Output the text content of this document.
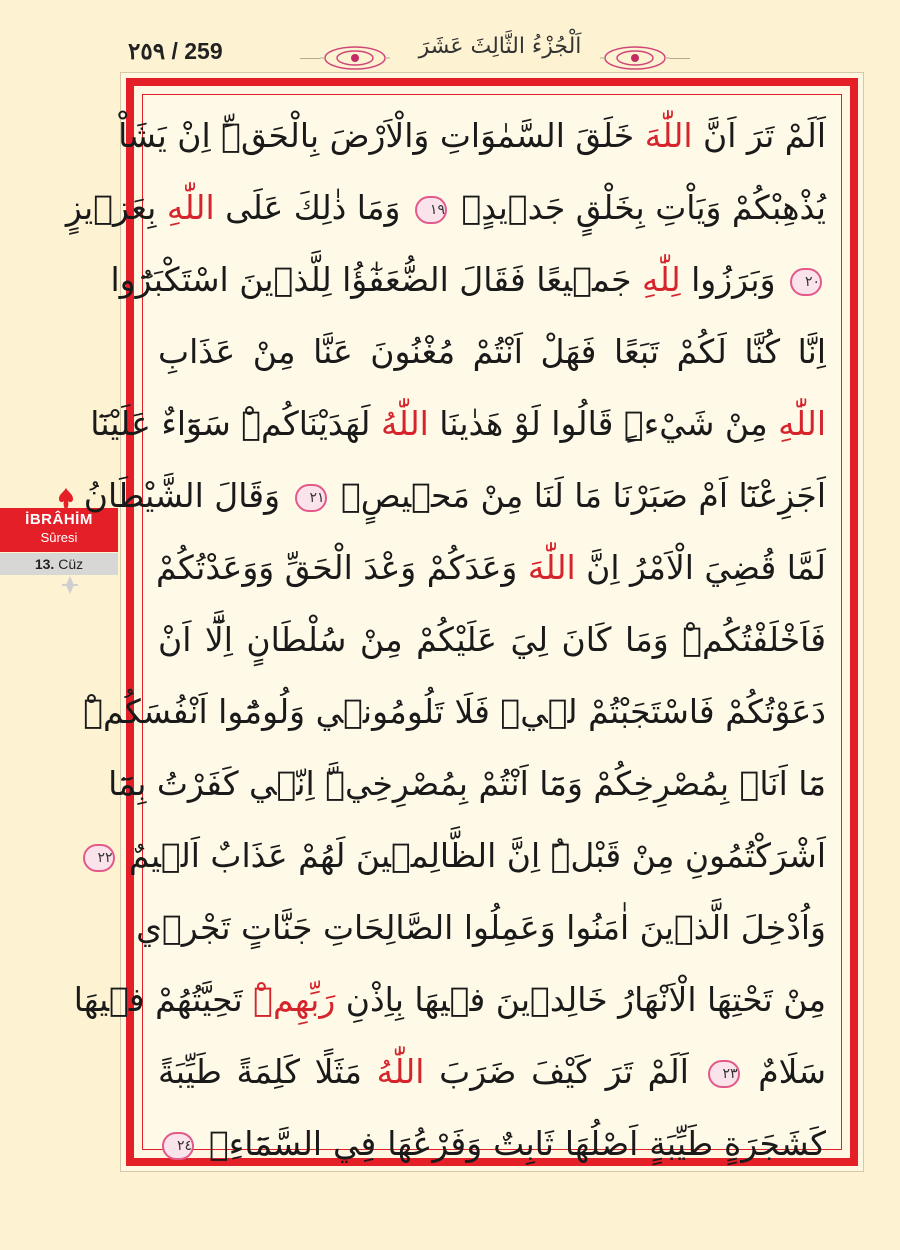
٢٥٩ / 259	اَلْجُزْءُ الثَّالِثَ عَشَرَ
İBRÂHİM
Sûresi
13. Cüz
اَلَمْ تَرَ اَنَّ اللّٰهَ خَلَقَ السَّمٰوَاتِ وَالْاَرْضَ بِالْحَقِّۜ اِنْ يَشَاْ
يُذْهِبْكُمْ وَيَاْتِ بِخَلْقٍ جَد۪يدٍۙ ١٩ وَمَا ذٰلِكَ عَلَى اللّٰهِ بِعَز۪يزٍ
٢٠ وَبَرَزُوا لِلّٰهِ جَم۪يعًا فَقَالَ الضُّعَفٰٓؤُا لِلَّذ۪ينَ اسْتَكْبَرُٓوا
اِنَّا كُنَّا لَكُمْ تَبَعًا فَهَلْ اَنْتُمْ مُغْنُونَ عَنَّا مِنْ عَذَابِ
اللّٰهِ مِنْ شَيْءٍۜ قَالُوا لَوْ هَدٰينَا اللّٰهُ لَهَدَيْنَاكُمْۜ سَوَٓاءٌ عَلَيْنَٓا
اَجَزِعْنَٓا اَمْ صَبَرْنَا مَا لَنَا مِنْ مَح۪يصٍ۟ ٢١ وَقَالَ الشَّيْطَانُ
لَمَّا قُضِيَ الْاَمْرُ اِنَّ اللّٰهَ وَعَدَكُمْ وَعْدَ الْحَقِّ وَوَعَدْتُكُمْ
فَاَخْلَفْتُكُمْۜ وَمَا كَانَ لِيَ عَلَيْكُمْ مِنْ سُلْطَانٍ اِلَّٓا اَنْ
دَعَوْتُكُمْ فَاسْتَجَبْتُمْ ل۪يۚ فَلَا تَلُومُون۪ي وَلُومُٓوا اَنْفُسَكُمْۜ
مَٓا اَنَا۬ بِمُصْرِخِكُمْ وَمَٓا اَنْتُمْ بِمُصْرِخِيَّۜ اِنّ۪ي كَفَرْتُ بِمَٓا
اَشْرَكْتُمُونِ مِنْ قَبْلُۜ اِنَّ الظَّالِم۪ينَ لَهُمْ عَذَابٌ اَل۪يمٌ ٢٢
وَاُدْخِلَ الَّذ۪ينَ اٰمَنُوا وَعَمِلُوا الصَّالِحَاتِ جَنَّاتٍ تَجْر۪ي
مِنْ تَحْتِهَا الْاَنْهَارُ خَالِد۪ينَ ف۪يهَا بِاِذْنِ رَبِّهِمْۜ تَحِيَّتُهُمْ ف۪يهَا
سَلَامٌ ٢٣ اَلَمْ تَرَ كَيْفَ ضَرَبَ اللّٰهُ مَثَلًا كَلِمَةً طَيِّبَةً
كَشَجَرَةٍ طَيِّبَةٍ اَصْلُهَا ثَابِتٌ وَفَرْعُهَا فِي السَّمَٓاءِۙ ٢٤
